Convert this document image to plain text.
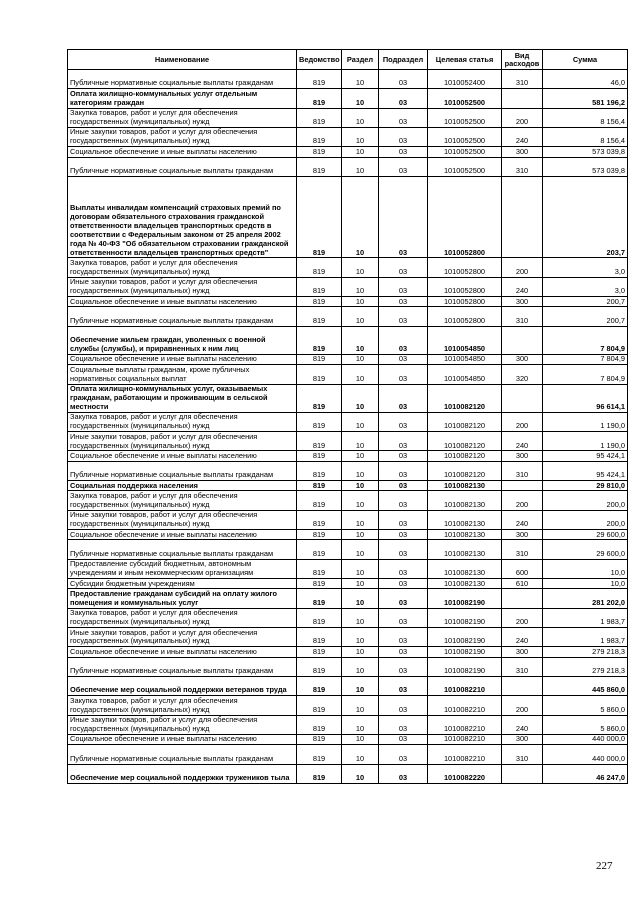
Наименование	Ведомство	Раздел	Подраздел	Целевая статья	Вид расходов	Сумма
Публичные нормативные социальные выплаты гражданам	819	10	03	1010052400	310	46,0
Оплата жилищно-коммунальных услуг отдельным категориям граждан	819	10	03	1010052500		581 196,2
Закупка товаров, работ и услуг для обеспечения государственных (муниципальных) нужд	819	10	03	1010052500	200	8 156,4
Иные закупки товаров, работ и услуг для обеспечения государственных (муниципальных) нужд	819	10	03	1010052500	240	8 156,4
Социальное обеспечение и иные выплаты населению	819	10	03	1010052500	300	573 039,8
Публичные нормативные социальные выплаты гражданам	819	10	03	1010052500	310	573 039,8
Выплаты инвалидам компенсаций страховых премий по договорам обязательного страхования гражданской ответственности владельцев транспортных средств в соответствии с Федеральным законом от 25 апреля 2002 года № 40-ФЗ "Об обязательном страховании гражданской ответственности владельцев транспортных средств"	819	10	03	1010052800		203,7
Закупка товаров, работ и услуг для обеспечения государственных (муниципальных) нужд	819	10	03	1010052800	200	3,0
Иные закупки товаров, работ и услуг для обеспечения государственных (муниципальных) нужд	819	10	03	1010052800	240	3,0
Социальное обеспечение и иные выплаты населению	819	10	03	1010052800	300	200,7
Публичные нормативные социальные выплаты гражданам	819	10	03	1010052800	310	200,7
Обеспечение жильем граждан, уволенных с военной службы (службы), и приравненных к ним лиц	819	10	03	1010054850		7 804,9
Социальное обеспечение и иные выплаты населению	819	10	03	1010054850	300	7 804,9
Социальные выплаты гражданам, кроме публичных нормативных социальных выплат	819	10	03	1010054850	320	7 804,9
Оплата жилищно-коммунальных услуг, оказываемых гражданам, работающим и проживающим в сельской местности	819	10	03	1010082120		96 614,1
Закупка товаров, работ и услуг для обеспечения государственных (муниципальных) нужд	819	10	03	1010082120	200	1 190,0
Иные закупки товаров, работ и услуг для обеспечения государственных (муниципальных) нужд	819	10	03	1010082120	240	1 190,0
Социальное обеспечение и иные выплаты населению	819	10	03	1010082120	300	95 424,1
Публичные нормативные социальные выплаты гражданам	819	10	03	1010082120	310	95 424,1
Социальная поддержка населения	819	10	03	1010082130		29 810,0
Закупка товаров, работ и услуг для обеспечения государственных (муниципальных) нужд	819	10	03	1010082130	200	200,0
Иные закупки товаров, работ и услуг для обеспечения государственных (муниципальных) нужд	819	10	03	1010082130	240	200,0
Социальное обеспечение и иные выплаты населению	819	10	03	1010082130	300	29 600,0
Публичные нормативные социальные выплаты гражданам	819	10	03	1010082130	310	29 600,0
Предоставление субсидий бюджетным, автономным учреждениям и иным некоммерческим организациям	819	10	03	1010082130	600	10,0
Субсидии бюджетным учреждениям	819	10	03	1010082130	610	10,0
Предоставление гражданам субсидий на оплату жилого помещения и коммунальных услуг	819	10	03	1010082190		281 202,0
Закупка товаров, работ и услуг для обеспечения государственных (муниципальных) нужд	819	10	03	1010082190	200	1 983,7
Иные закупки товаров, работ и услуг для обеспечения государственных (муниципальных) нужд	819	10	03	1010082190	240	1 983,7
Социальное обеспечение и иные выплаты населению	819	10	03	1010082190	300	279 218,3
Публичные нормативные социальные выплаты гражданам	819	10	03	1010082190	310	279 218,3
Обеспечение мер социальной поддержки ветеранов труда	819	10	03	1010082210		445 860,0
Закупка товаров, работ и услуг для обеспечения государственных (муниципальных) нужд	819	10	03	1010082210	200	5 860,0
Иные закупки товаров, работ и услуг для обеспечения государственных (муниципальных) нужд	819	10	03	1010082210	240	5 860,0
Социальное обеспечение и иные выплаты населению	819	10	03	1010082210	300	440 000,0
Публичные нормативные социальные выплаты гражданам	819	10	03	1010082210	310	440 000,0
Обеспечение мер социальной поддержки тружеников тыла	819	10	03	1010082220		46 247,0
227
